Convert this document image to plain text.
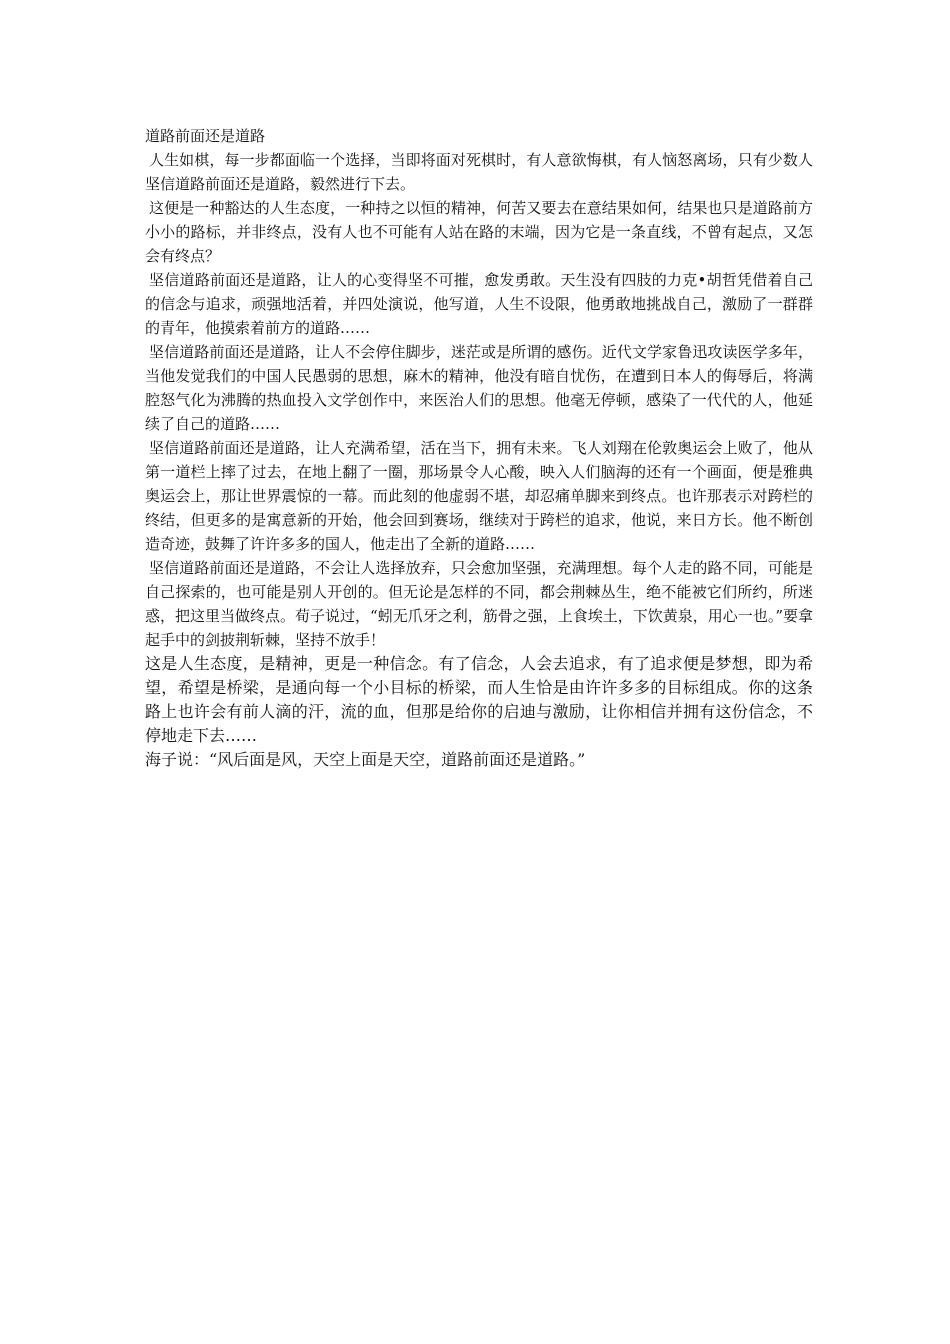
道路前面还是道路

人生如棋，每一步都面临一个选择，当即将面对死棋时，有人意欲悔棋，有人恼怒离场，只有少数人坚信道路前面还是道路，毅然进行下去。

这便是一种豁达的人生态度，一种持之以恒的精神，何苦又要去在意结果如何，结果也只是道路前方小小的路标，并非终点，没有人也不可能有人站在路的末端，因为它是一条直线，不曾有起点，又怎会有终点？

坚信道路前面还是道路，让人的心变得坚不可摧，愈发勇敢。天生没有四肢的力克•胡哲凭借着自己的信念与追求，顽强地活着，并四处演说，他写道，人生不设限，他勇敢地挑战自己，激励了一群群的青年，他摸索着前方的道路……

坚信道路前面还是道路，让人不会停住脚步，迷茫或是所谓的感伤。近代文学家鲁迅攻读医学多年，当他发觉我们的中国人民愚弱的思想，麻木的精神，他没有暗自忧伤，在遭到日本人的侮辱后，将满腔怒气化为沸腾的热血投入文学创作中，来医治人们的思想。他毫无停顿，感染了一代代的人，他延续了自己的道路……

坚信道路前面还是道路，让人充满希望，活在当下，拥有未来。飞人刘翔在伦敦奥运会上败了，他从第一道栏上摔了过去，在地上翻了一圈，那场景令人心酸，映入人们脑海的还有一个画面，便是雅典奥运会上，那让世界震惊的一幕。而此刻的他虚弱不堪，却忍痛单脚来到终点。也许那表示对跨栏的终结，但更多的是寓意新的开始，他会回到赛场，继续对于跨栏的追求，他说，来日方长。他不断创造奇迹，鼓舞了许许多多的国人，他走出了全新的道路……

坚信道路前面还是道路，不会让人选择放弃，只会愈加坚强，充满理想。每个人走的路不同，可能是自己探索的，也可能是别人开创的。但无论是怎样的不同，都会荆棘丛生，绝不能被它们所约，所迷惑，把这里当做终点。荀子说过，“蚓无爪牙之利，筋骨之强，上食埃土，下饮黄泉，用心一也。”要拿起手中的剑披荆斩棘，坚持不放手！

这是人生态度，是精神，更是一种信念。有了信念，人会去追求，有了追求便是梦想，即为希望，希望是桥梁，是通向每一个小目标的桥梁，而人生恰是由许许多多的目标组成。你的这条路上也许会有前人滴的汗，流的血，但那是给你的启迪与激励，让你相信并拥有这份信念，不停地走下去……

海子说：“风后面是风，天空上面是天空，道路前面还是道路。”
